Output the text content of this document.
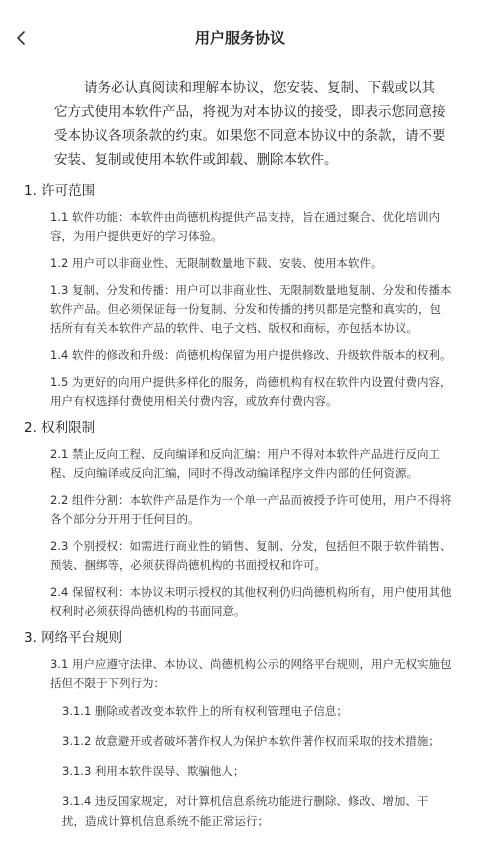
用户服务协议
请务必认真阅读和理解本协议，您安装、复制、下载或以其它方式使用本软件产品，将视为对本协议的接受，即表示您同意接受本协议各项条款的约束。如果您不同意本协议中的条款，请不要安装、复制或使用本软件或卸载、删除本软件。
1. 许可范围
1.1 软件功能：本软件由尚德机构提供产品支持，旨在通过聚合、优化培训内容，为用户提供更好的学习体验。
1.2 用户可以非商业性、无限制数量地下载、安装、使用本软件。
1.3 复制、分发和传播：用户可以非商业性、无限制数量地复制、分发和传播本软件产品。但必须保证每一份复制、分发和传播的拷贝都是完整和真实的，包括所有有关本软件产品的软件、电子文档、版权和商标，亦包括本协议。
1.4 软件的修改和升级：尚德机构保留为用户提供修改、升级软件版本的权利。
1.5 为更好的向用户提供多样化的服务，尚德机构有权在软件内设置付费内容，用户有权选择付费使用相关付费内容，或放弃付费内容。
2. 权利限制
2.1 禁止反向工程、反向编译和反向汇编：用户不得对本软件产品进行反向工程、反向编译或反向汇编，同时不得改动编译程序文件内部的任何资源。
2.2 组件分割：本软件产品是作为一个单一产品而被授予许可使用，用户不得将各个部分分开用于任何目的。
2.3 个别授权：如需进行商业性的销售、复制、分发，包括但不限于软件销售、预装、捆绑等，必须获得尚德机构的书面授权和许可。
2.4 保留权利：本协议未明示授权的其他权利仍归尚德机构所有，用户使用其他权利时必须获得尚德机构的书面同意。
3. 网络平台规则
3.1 用户应遵守法律、本协议、尚德机构公示的网络平台规则，用户无权实施包括但不限于下列行为：
3.1.1 删除或者改变本软件上的所有权利管理电子信息；
3.1.2 故意避开或者破坏著作权人为保护本软件著作权而采取的技术措施；
3.1.3 利用本软件误导、欺骗他人；
3.1.4 违反国家规定，对计算机信息系统功能进行删除、修改、增加、干扰，造成计算机信息系统不能正常运行；
